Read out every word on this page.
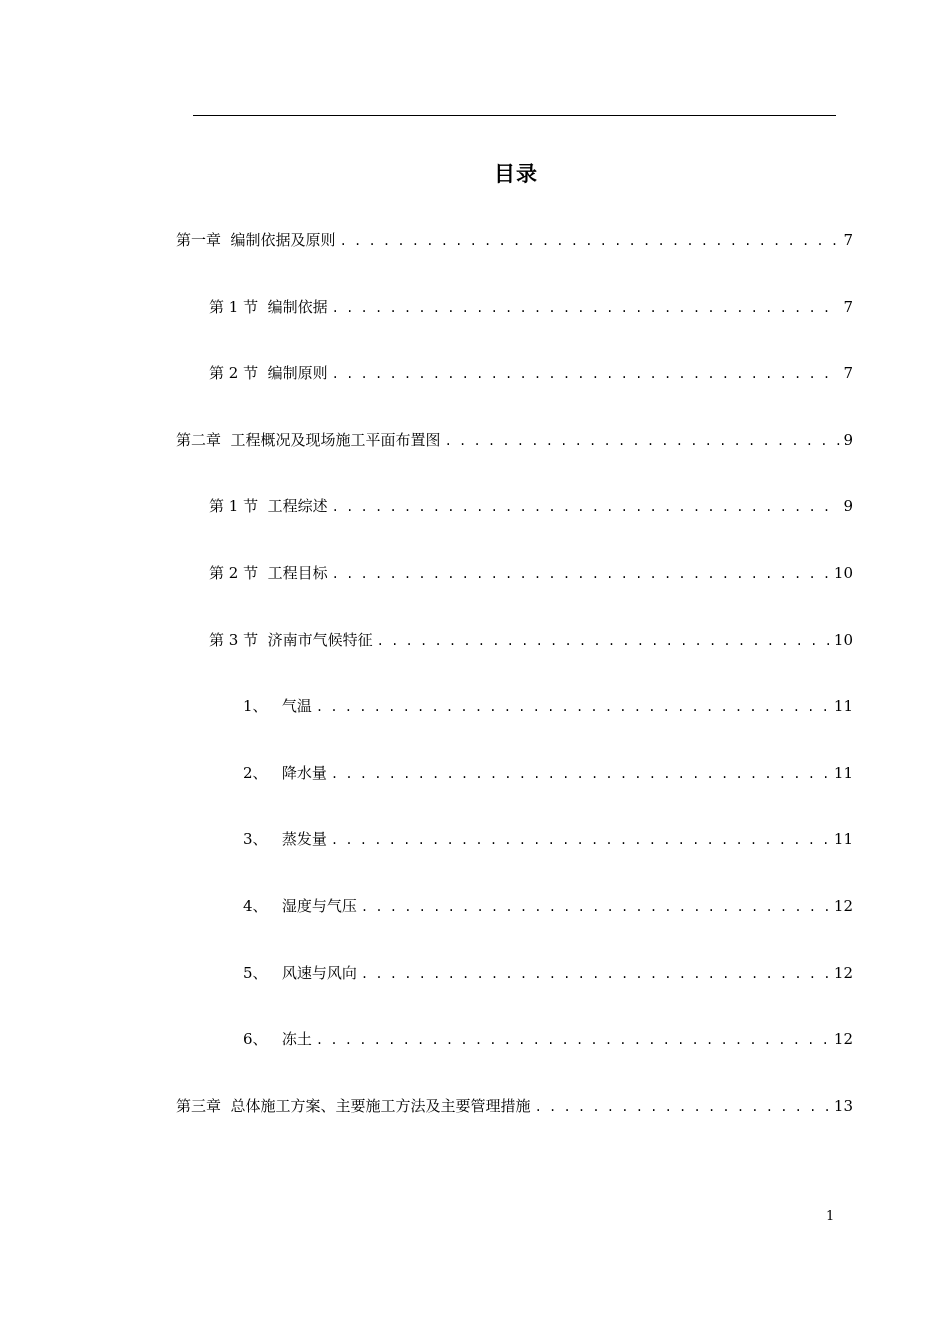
目录
第一章 编制依据及原则 . . .	7
第 1 节 编制依据 . . .	7
第 2 节 编制原则 . . .	7
第二章 工程概况及现场施工平面布置图 . . .	9
第 1 节 工程综述 . . .	9
第 2 节 工程目标 . . .	10
第 3 节 济南市气候特征 . . .	10
1、 气温 . . .	11
2、 降水量 . . .	11
3、 蒸发量 . . .	11
4、 湿度与气压 . . .	12
5、 风速与风向 . . .	12
6、 冻土 . . .	12
第三章 总体施工方案、主要施工方法及主要管理措施 . . .	13
1
